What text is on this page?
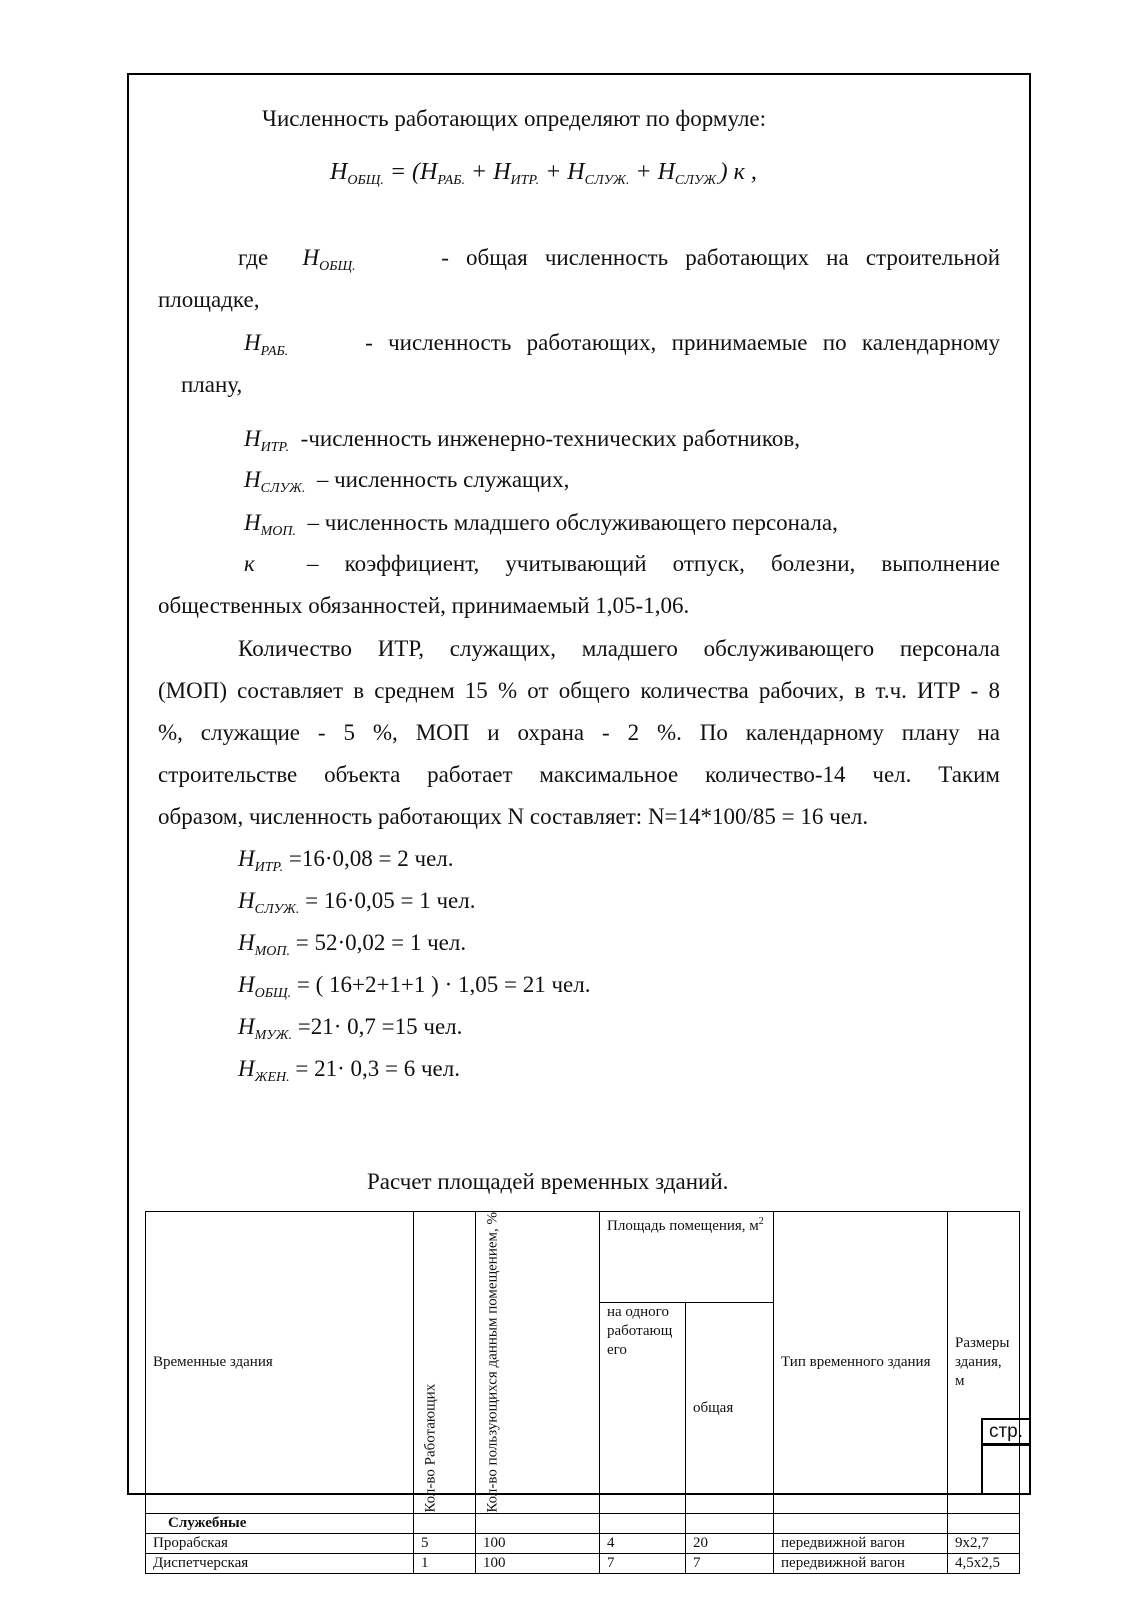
Численность работающих определяют по формуле:
$Н_{ОБЩ.} = (Н_{РАБ.} + Н_{ИТР.} + Н_{СЛУЖ.} + Н_{СЛУЖ.})$ к ,
где $Н_{ОБЩ.}$	- общая численность работающих на строительной
площадке,
$Н_{РАБ.}$	- численность работающих, принимаемые по календарному
плану,
$Н_{ИТР.}$ -численность инженерно-технических работников,
$Н_{СЛУЖ.}$ – численность служащих,
$Н_{МОП.}$ – численность младшего обслуживающего персонала,
к – коэффициент, учитывающий отпуск, болезни, выполнение
общественных обязанностей, принимаемый 1,05-1,06.
Количество ИТР, служащих, младшего обслуживающего персонала
(МОП) составляет в среднем 15 % от общего количества рабочих, в т.ч. ИТР - 8
%, служащие - 5 %, МОП и охрана - 2 %. По календарному плану на
строительстве объекта работает максимальное количество-14 чел. Таким
образом, численность работающих N составляет: N=14*100/85 = 16 чел.
$Н_{ИТР.} =16\cdot 0,08 = 2$ чел.
$Н_{СЛУЖ.} = 16\cdot 0,05 = 1$ чел.
$Н_{МОП.} = 52\cdot 0,02 = 1$ чел.
$Н_{ОБЩ.}$ = ( 16+2+1+1 ) · 1,05 = 21 чел.
$Н_{МУЖ.} =21\cdot 0,7 =15$ чел.
$Н_{ЖЕН.} = 21\cdot 0,3 = 6$ чел.
Расчет площадей временных зданий.
Временные здания	Кол-во Работающих	Кол-во пользующихся данным помещением, %	Площадь помещения, $м^2$		Тип временного здания	Размеры здания, м
			на одного работающего	общая		
Служебные						
Прорабская	5	100	4	20	передвижной вагон	9х2,7
Диспетчерская	1	100	7	7	передвижной вагон	4,5х2,5
стр.
